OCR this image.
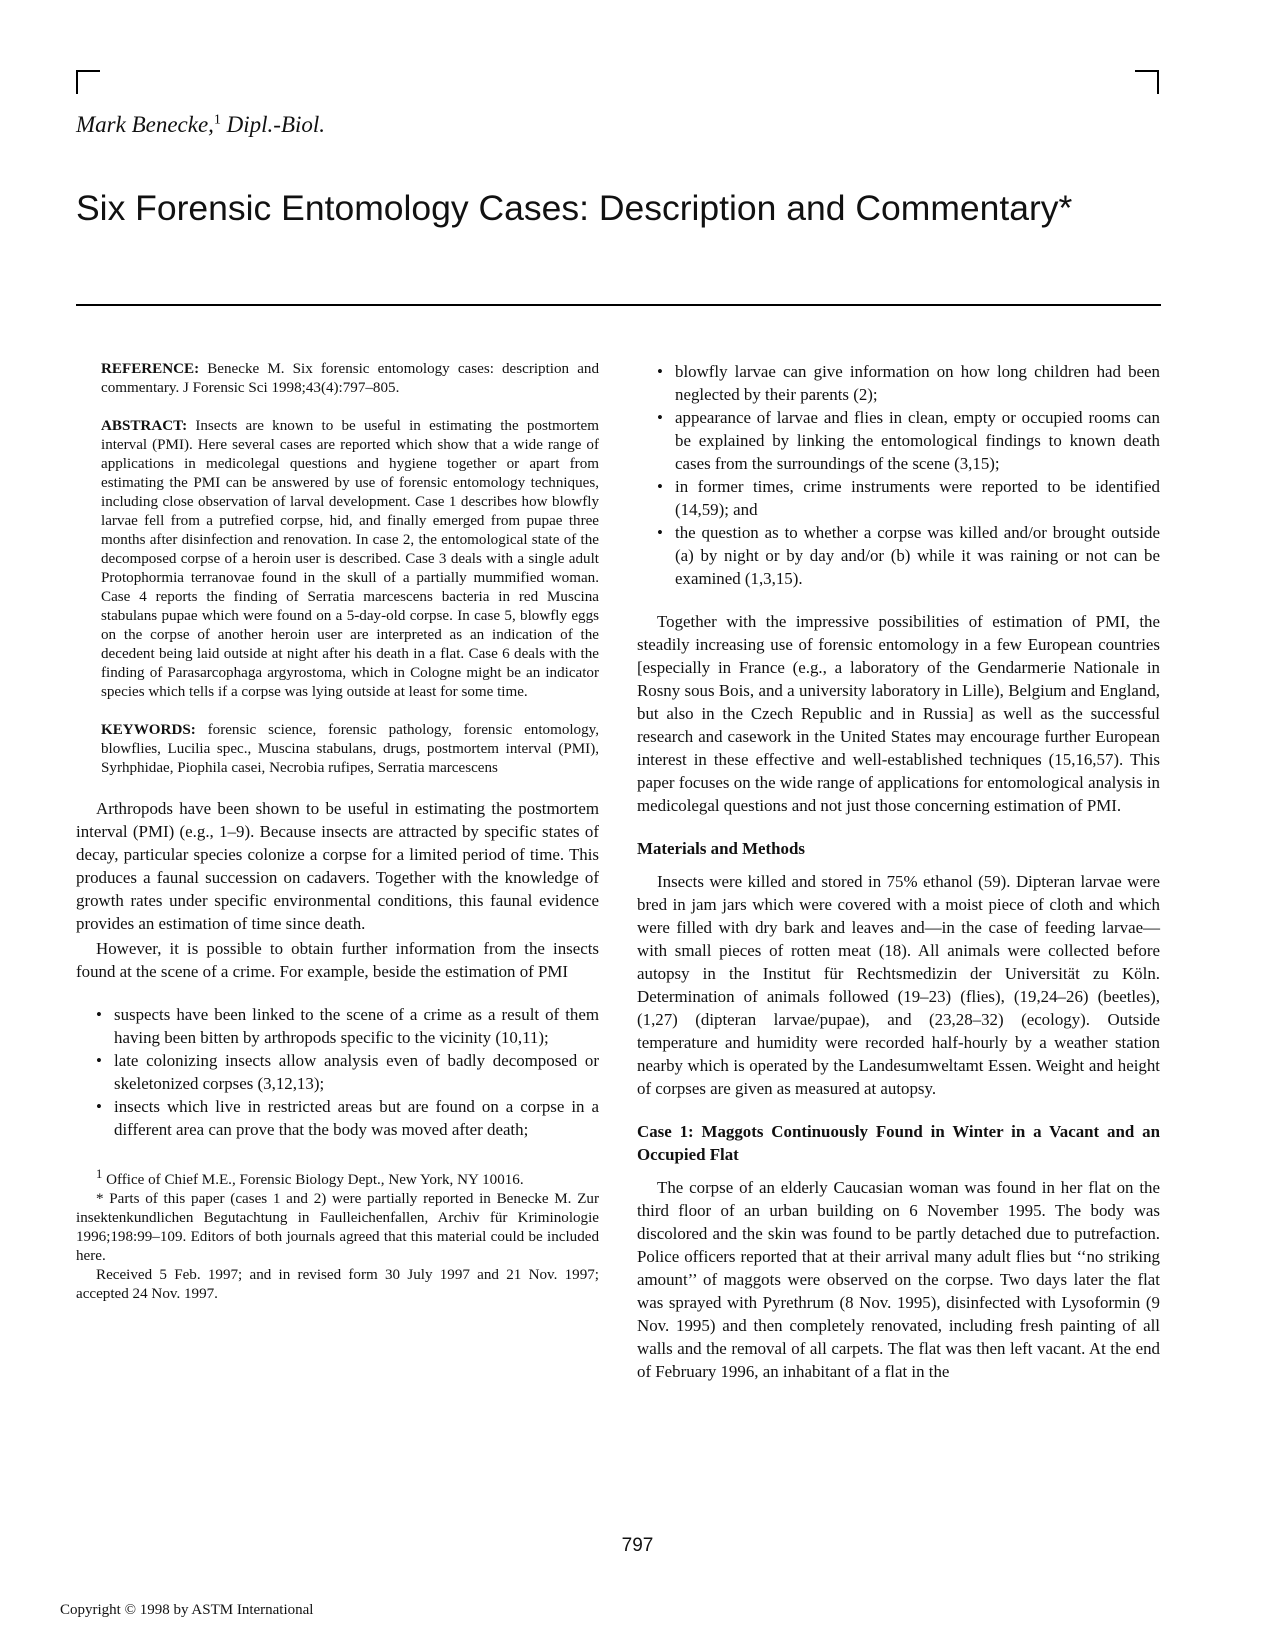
Mark Benecke,$^1$ Dipl.-Biol.
Six Forensic Entomology Cases: Description and Commentary*

REFERENCE: Benecke M. Six forensic entomology cases: description and commentary. J Forensic Sci 1998;43(4):797–805.

ABSTRACT: Insects are known to be useful in estimating the postmortem interval (PMI). Here several cases are reported which show that a wide range of applications in medicolegal questions and hygiene together or apart from estimating the PMI can be answered by use of forensic entomology techniques, including close observation of larval development. Case 1 describes how blowfly larvae fell from a putrefied corpse, hid, and finally emerged from pupae three months after disinfection and renovation. In case 2, the entomological state of the decomposed corpse of a heroin user is described. Case 3 deals with a single adult Protophormia terranovae found in the skull of a partially mummified woman. Case 4 reports the finding of Serratia marcescens bacteria in red Muscina stabulans pupae which were found on a 5-day-old corpse. In case 5, blowfly eggs on the corpse of another heroin user are interpreted as an indication of the decedent being laid outside at night after his death in a flat. Case 6 deals with the finding of Parasarcophaga argyrostoma, which in Cologne might be an indicator species which tells if a corpse was lying outside at least for some time.

KEYWORDS: forensic science, forensic pathology, forensic entomology, blowflies, Lucilia spec., Muscina stabulans, drugs, postmortem interval (PMI), Syrhphidae, Piophila casei, Necrobia rufipes, Serratia marcescens

Arthropods have been shown to be useful in estimating the postmortem interval (PMI) (e.g., 1–9). Because insects are attracted by specific states of decay, particular species colonize a corpse for a limited period of time. This produces a faunal succession on cadavers. Together with the knowledge of growth rates under specific environmental conditions, this faunal evidence provides an estimation of time since death.

However, it is possible to obtain further information from the insects found at the scene of a crime. For example, beside the estimation of PMI

• suspects have been linked to the scene of a crime as a result of them having been bitten by arthropods specific to the vicinity (10,11);
• late colonizing insects allow analysis even of badly decomposed or skeletonized corpses (3,12,13);
• insects which live in restricted areas but are found on a corpse in a different area can prove that the body was moved after death;

$^1$ Office of Chief M.E., Forensic Biology Dept., New York, NY 10016.

* Parts of this paper (cases 1 and 2) were partially reported in Benecke M. Zur insektenkundlichen Begutachtung in Faulleichenfallen, Archiv für Kriminologie 1996;198:99–109. Editors of both journals agreed that this material could be included here.

Received 5 Feb. 1997; and in revised form 30 July 1997 and 21 Nov. 1997; accepted 24 Nov. 1997.

• blowfly larvae can give information on how long children had been neglected by their parents (2);
• appearance of larvae and flies in clean, empty or occupied rooms can be explained by linking the entomological findings to known death cases from the surroundings of the scene (3,15);
• in former times, crime instruments were reported to be identified (14,59); and
• the question as to whether a corpse was killed and/or brought outside (a) by night or by day and/or (b) while it was raining or not can be examined (1,3,15).

Together with the impressive possibilities of estimation of PMI, the steadily increasing use of forensic entomology in a few European countries [especially in France (e.g., a laboratory of the Gendarmerie Nationale in Rosny sous Bois, and a university laboratory in Lille), Belgium and England, but also in the Czech Republic and in Russia] as well as the successful research and casework in the United States may encourage further European interest in these effective and well-established techniques (15,16,57). This paper focuses on the wide range of applications for entomological analysis in medicolegal questions and not just those concerning estimation of PMI.

Materials and Methods

Insects were killed and stored in 75% ethanol (59). Dipteran larvae were bred in jam jars which were covered with a moist piece of cloth and which were filled with dry bark and leaves and—in the case of feeding larvae—with small pieces of rotten meat (18). All animals were collected before autopsy in the Institut für Rechtsmedizin der Universität zu Köln. Determination of animals followed (19–23) (flies), (19,24–26) (beetles), (1,27) (dipteran larvae/pupae), and (23,28–32) (ecology). Outside temperature and humidity were recorded half-hourly by a weather station nearby which is operated by the Landesumweltamt Essen. Weight and height of corpses are given as measured at autopsy.

Case 1: Maggots Continuously Found in Winter in a Vacant and an Occupied Flat

The corpse of an elderly Caucasian woman was found in her flat on the third floor of an urban building on 6 November 1995. The body was discolored and the skin was found to be partly detached due to putrefaction. Police officers reported that at their arrival many adult flies but ‘‘no striking amount’’ of maggots were observed on the corpse. Two days later the flat was sprayed with Pyrethrum (8 Nov. 1995), disinfected with Lysoformin (9 Nov. 1995) and then completely renovated, including fresh painting of all walls and the removal of all carpets. The flat was then left vacant. At the end of February 1996, an inhabitant of a flat in the

797
Copyright © 1998 by ASTM International
